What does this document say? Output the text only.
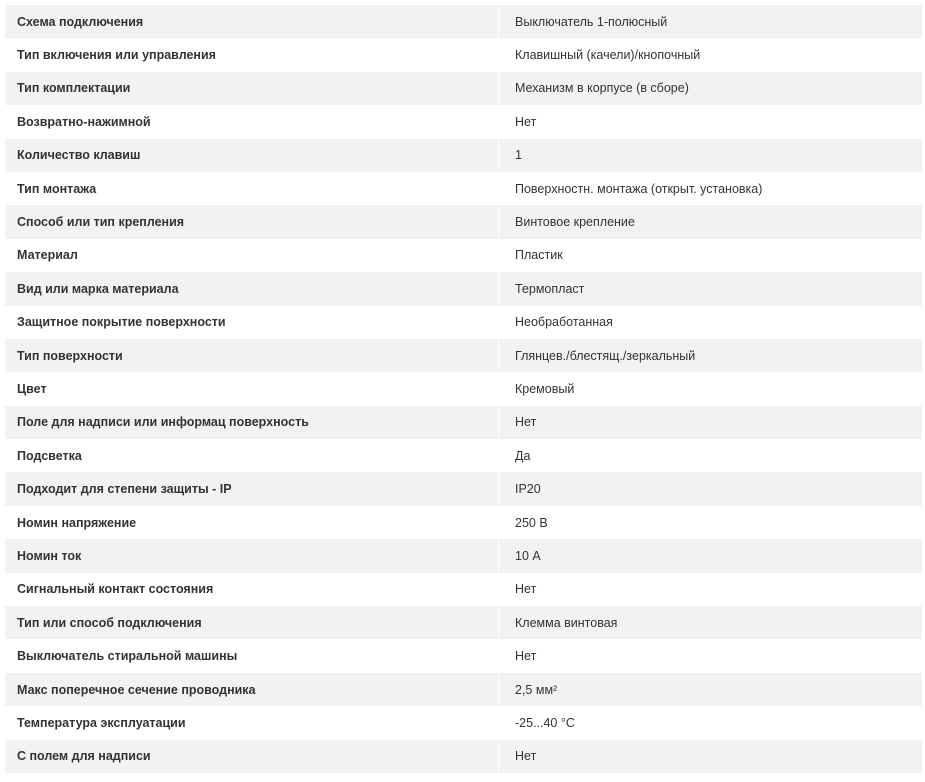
Схема подключения		Выключатель 1-полюсный
Тип включения или управления		Клавишный (качели)/кнопочный
Тип комплектации		Механизм в корпусе (в сборе)
Возвратно-нажимной		Нет
Количество клавиш		1
Тип монтажа		Поверхностн. монтажа (открыт. установка)
Способ или тип крепления		Винтовое крепление
Материал		Пластик
Вид или марка материала		Термопласт
Защитное покрытие поверхности		Необработанная
Тип поверхности		Глянцев./блестящ./зеркальный
Цвет		Кремовый
Поле для надписи или информац поверхность		Нет
Подсветка		Да
Подходит для степени защиты - IP		IP20
Номин напряжение		250 В
Номин ток		10 А
Сигнальный контакт состояния		Нет
Тип или способ подключения		Клемма винтовая
Выключатель стиральной машины		Нет
Макс поперечное сечение проводника		2,5 мм²
Температура эксплуатации		-25...40 °C
С полем для надписи		Нет
